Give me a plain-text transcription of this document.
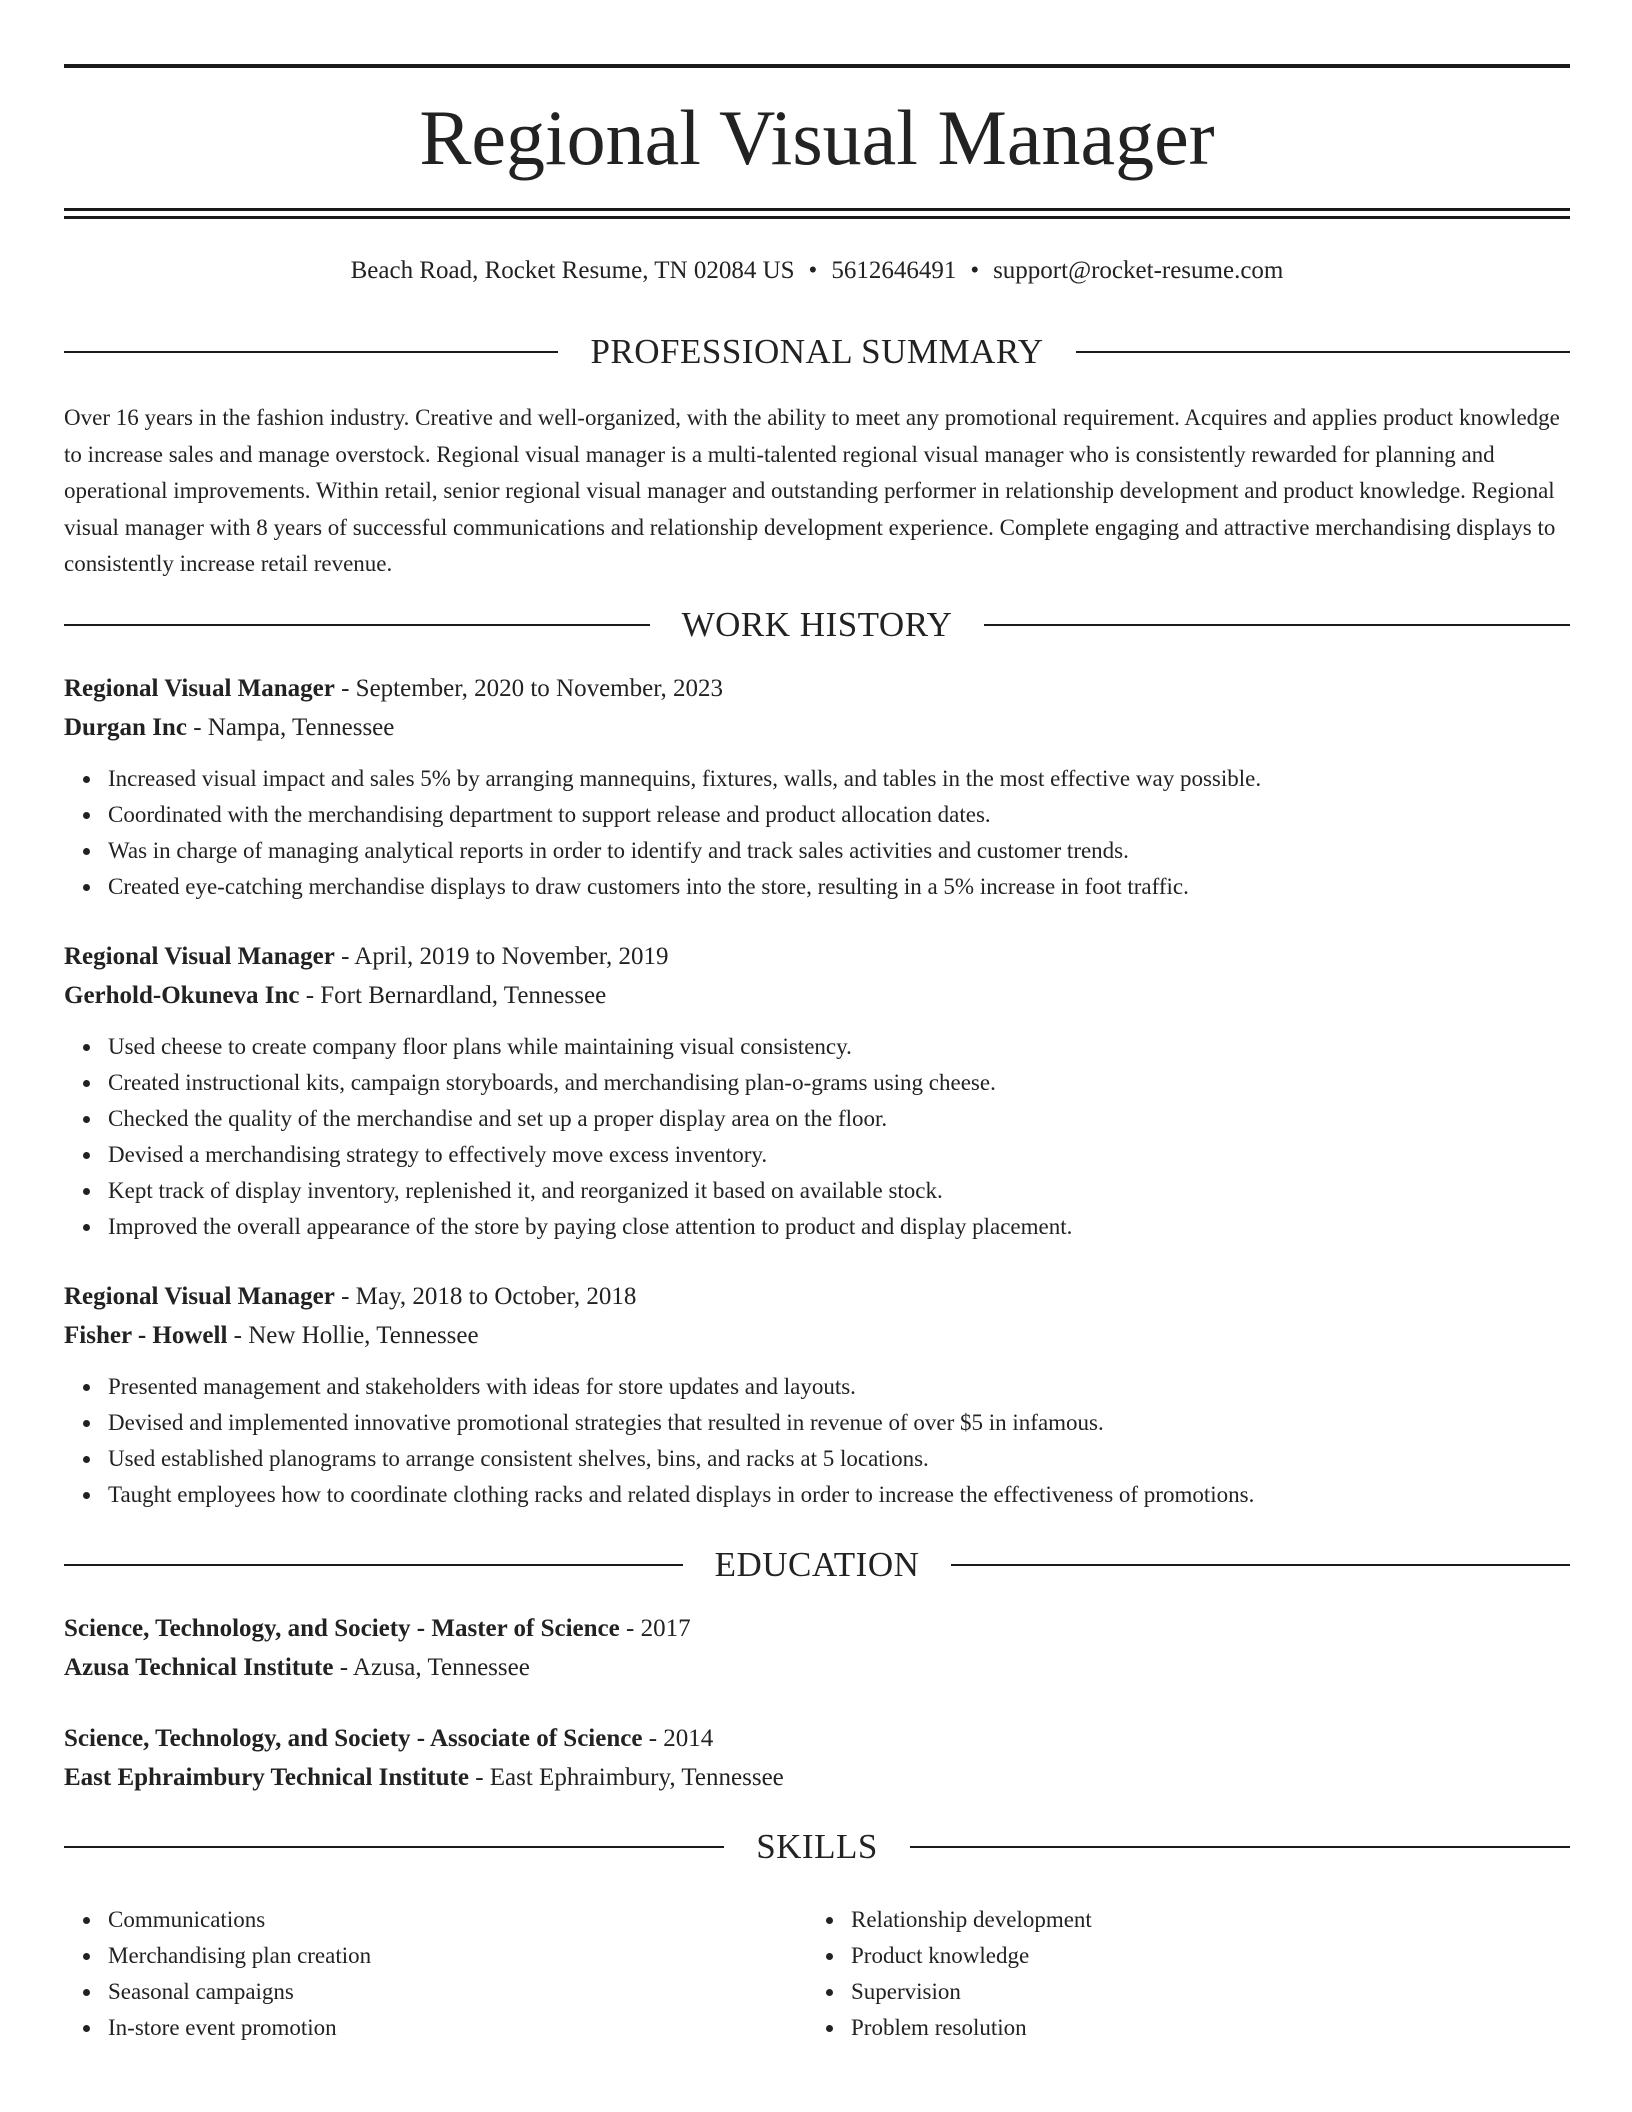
Regional Visual Manager
Beach Road, Rocket Resume, TN 02084 US • 5612646491 • support@rocket-resume.com
PROFESSIONAL SUMMARY
Over 16 years in the fashion industry. Creative and well-organized, with the ability to meet any promotional requirement. Acquires and applies product knowledge to increase sales and manage overstock. Regional visual manager is a multi-talented regional visual manager who is consistently rewarded for planning and operational improvements. Within retail, senior regional visual manager and outstanding performer in relationship development and product knowledge. Regional visual manager with 8 years of successful communications and relationship development experience. Complete engaging and attractive merchandising displays to consistently increase retail revenue.
WORK HISTORY
Regional Visual Manager - September, 2020 to November, 2023
Durgan Inc - Nampa, Tennessee
Increased visual impact and sales 5% by arranging mannequins, fixtures, walls, and tables in the most effective way possible.
Coordinated with the merchandising department to support release and product allocation dates.
Was in charge of managing analytical reports in order to identify and track sales activities and customer trends.
Created eye-catching merchandise displays to draw customers into the store, resulting in a 5% increase in foot traffic.
Regional Visual Manager - April, 2019 to November, 2019
Gerhold-Okuneva Inc - Fort Bernardland, Tennessee
Used cheese to create company floor plans while maintaining visual consistency.
Created instructional kits, campaign storyboards, and merchandising plan-o-grams using cheese.
Checked the quality of the merchandise and set up a proper display area on the floor.
Devised a merchandising strategy to effectively move excess inventory.
Kept track of display inventory, replenished it, and reorganized it based on available stock.
Improved the overall appearance of the store by paying close attention to product and display placement.
Regional Visual Manager - May, 2018 to October, 2018
Fisher - Howell - New Hollie, Tennessee
Presented management and stakeholders with ideas for store updates and layouts.
Devised and implemented innovative promotional strategies that resulted in revenue of over $5 in infamous.
Used established planograms to arrange consistent shelves, bins, and racks at 5 locations.
Taught employees how to coordinate clothing racks and related displays in order to increase the effectiveness of promotions.
EDUCATION
Science, Technology, and Society - Master of Science - 2017
Azusa Technical Institute - Azusa, Tennessee
Science, Technology, and Society - Associate of Science - 2014
East Ephraimbury Technical Institute - East Ephraimbury, Tennessee
SKILLS
Communications
Merchandising plan creation
Seasonal campaigns
In-store event promotion
Relationship development
Product knowledge
Supervision
Problem resolution
